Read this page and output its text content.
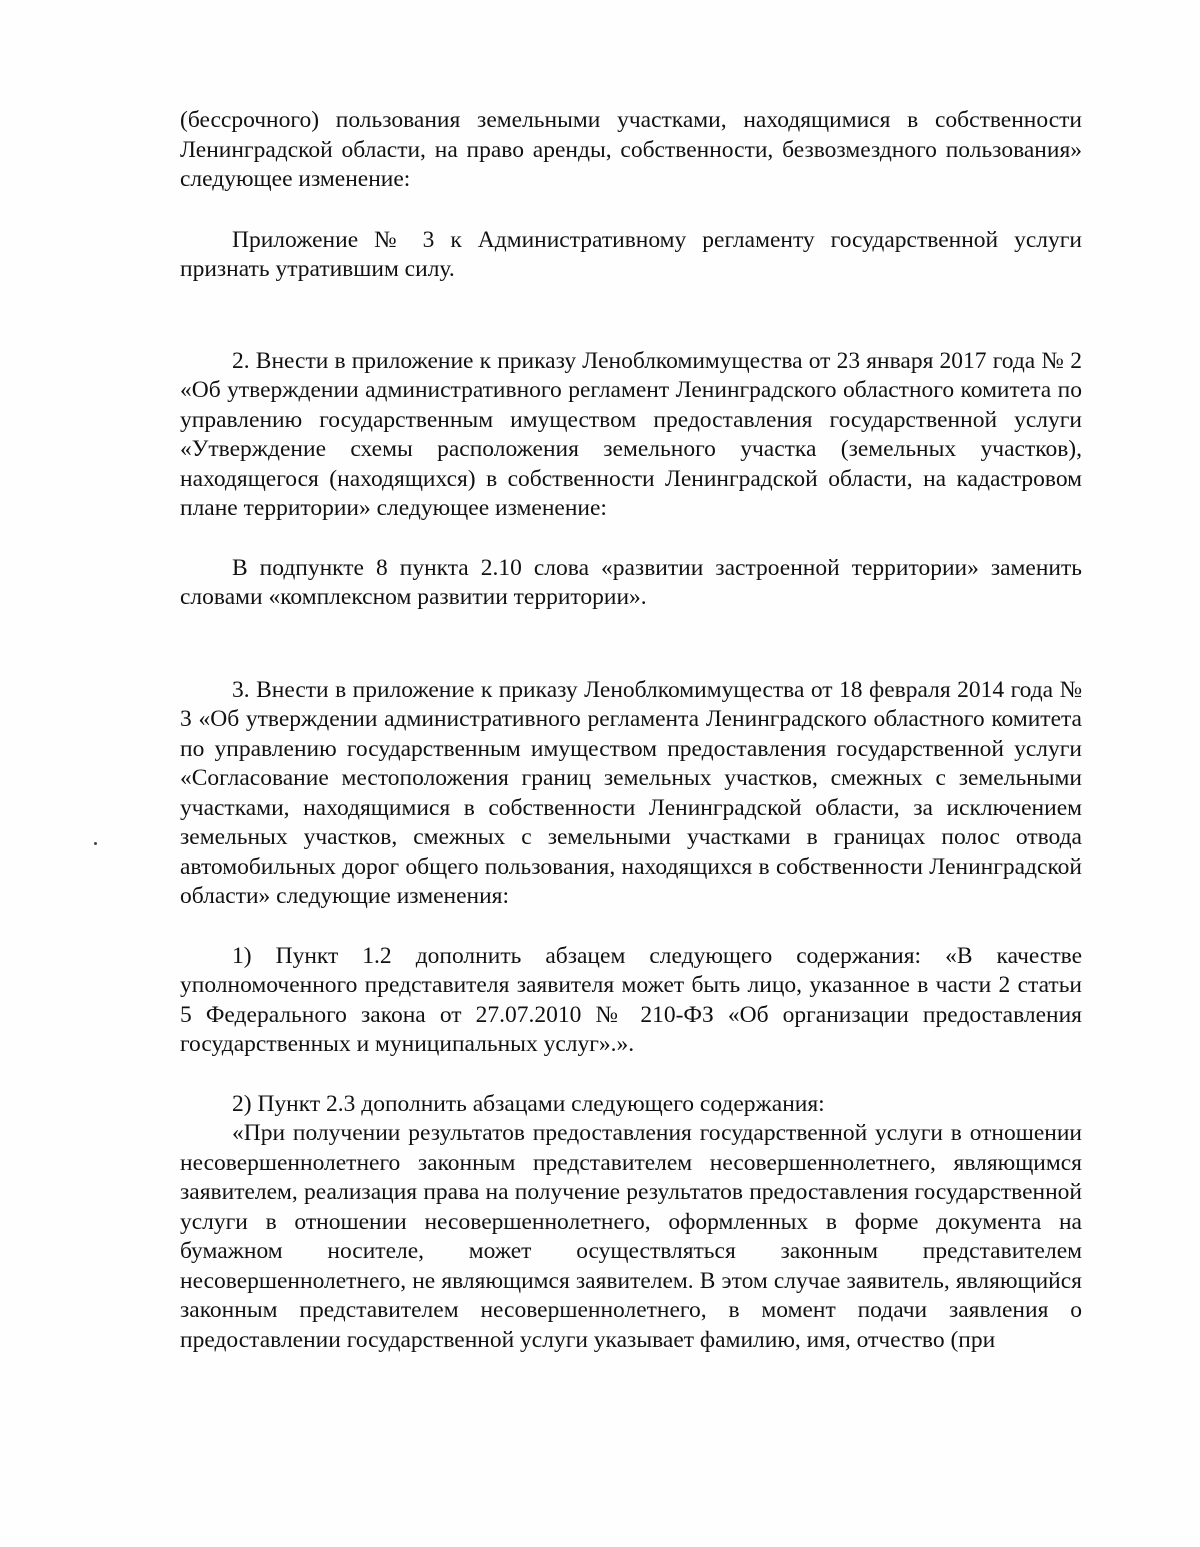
(бессрочного) пользования земельными участками, находящимися в собственности Ленинградской области, на право аренды, собственности, безвозмездного пользования» следующее изменение:

Приложение № 3 к Административному регламенту государственной услуги признать утратившим силу.

2. Внести в приложение к приказу Леноблкомимущества от 23 января 2017 года № 2 «Об утверждении административного регламент Ленинградского областного комитета по управлению государственным имуществом предоставления государственной услуги «Утверждение схемы расположения земельного участка (земельных участков), находящегося (находящихся) в собственности Ленинградской области, на кадастровом плане территории» следующее изменение:

В подпункте 8 пункта 2.10 слова «развитии застроенной территории» заменить словами «комплексном развитии территории».

3. Внести в приложение к приказу Леноблкомимущества от 18 февраля 2014 года № 3 «Об утверждении административного регламента Ленинградского областного комитета по управлению государственным имуществом предоставления государственной услуги «Согласование местоположения границ земельных участков, смежных с земельными участками, находящимися в собственности Ленинградской области, за исключением земельных участков, смежных с земельными участками в границах полос отвода автомобильных дорог общего пользования, находящихся в собственности Ленинградской области» следующие изменения:

1) Пункт 1.2 дополнить абзацем следующего содержания: «В качестве уполномоченного представителя заявителя может быть лицо, указанное в части 2 статьи 5 Федерального закона от 27.07.2010 № 210-ФЗ «Об организации предоставления государственных и муниципальных услуг».».

2) Пункт 2.3 дополнить абзацами следующего содержания:

«При получении результатов предоставления государственной услуги в отношении несовершеннолетнего законным представителем несовершеннолетнего, являющимся заявителем, реализация права на получение результатов предоставления государственной услуги в отношении несовершеннолетнего, оформленных в форме документа на бумажном носителе, может осуществляться законным представителем несовершеннолетнего, не являющимся заявителем. В этом случае заявитель, являющийся законным представителем несовершеннолетнего, в момент подачи заявления о предоставлении государственной услуги указывает фамилию, имя, отчество (при
